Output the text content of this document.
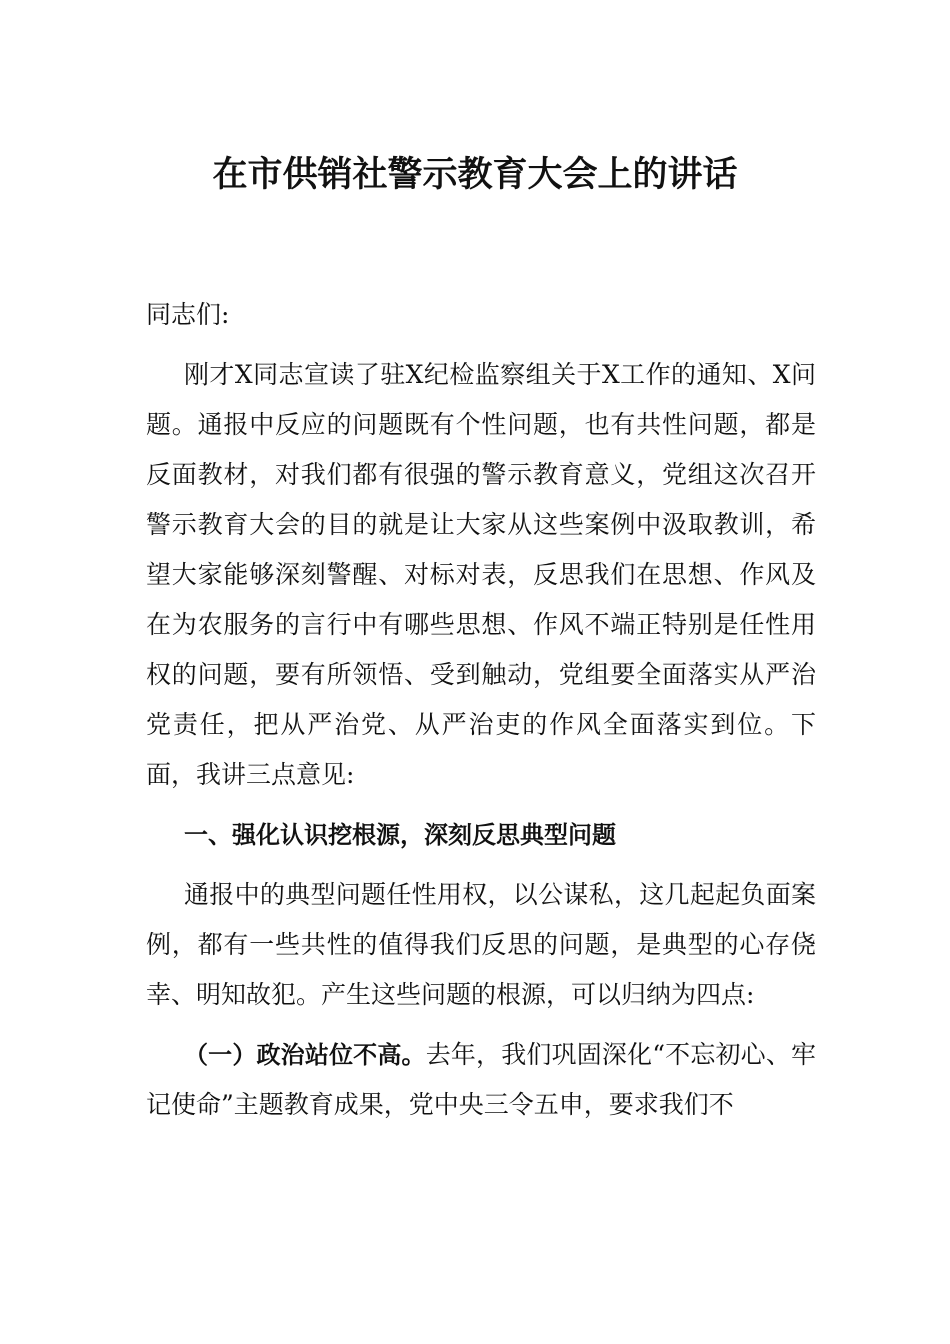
在市供销社警示教育大会上的讲话

同志们:

刚才X同志宣读了驻X纪检监察组关于X工作的通知、X问题。通报中反应的问题既有个性问题，也有共性问题，都是反面教材，对我们都有很强的警示教育意义，党组这次召开警示教育大会的目的就是让大家从这些案例中汲取教训，希望大家能够深刻警醒、对标对表，反思我们在思想、作风及在为农服务的言行中有哪些思想、作风不端正特别是任性用权的问题，要有所领悟、受到触动，党组要全面落实从严治党责任，把从严治党、从严治吏的作风全面落实到位。下面，我讲三点意见:

一、强化认识挖根源，深刻反思典型问题

通报中的典型问题任性用权，以公谋私，这几起起负面案例，都有一些共性的值得我们反思的问题，是典型的心存侥幸、明知故犯。产生这些问题的根源，可以归纳为四点:

（一）政治站位不高。去年，我们巩固深化“不忘初心、牢记使命”主题教育成果，党中央三令五申，要求我们不
